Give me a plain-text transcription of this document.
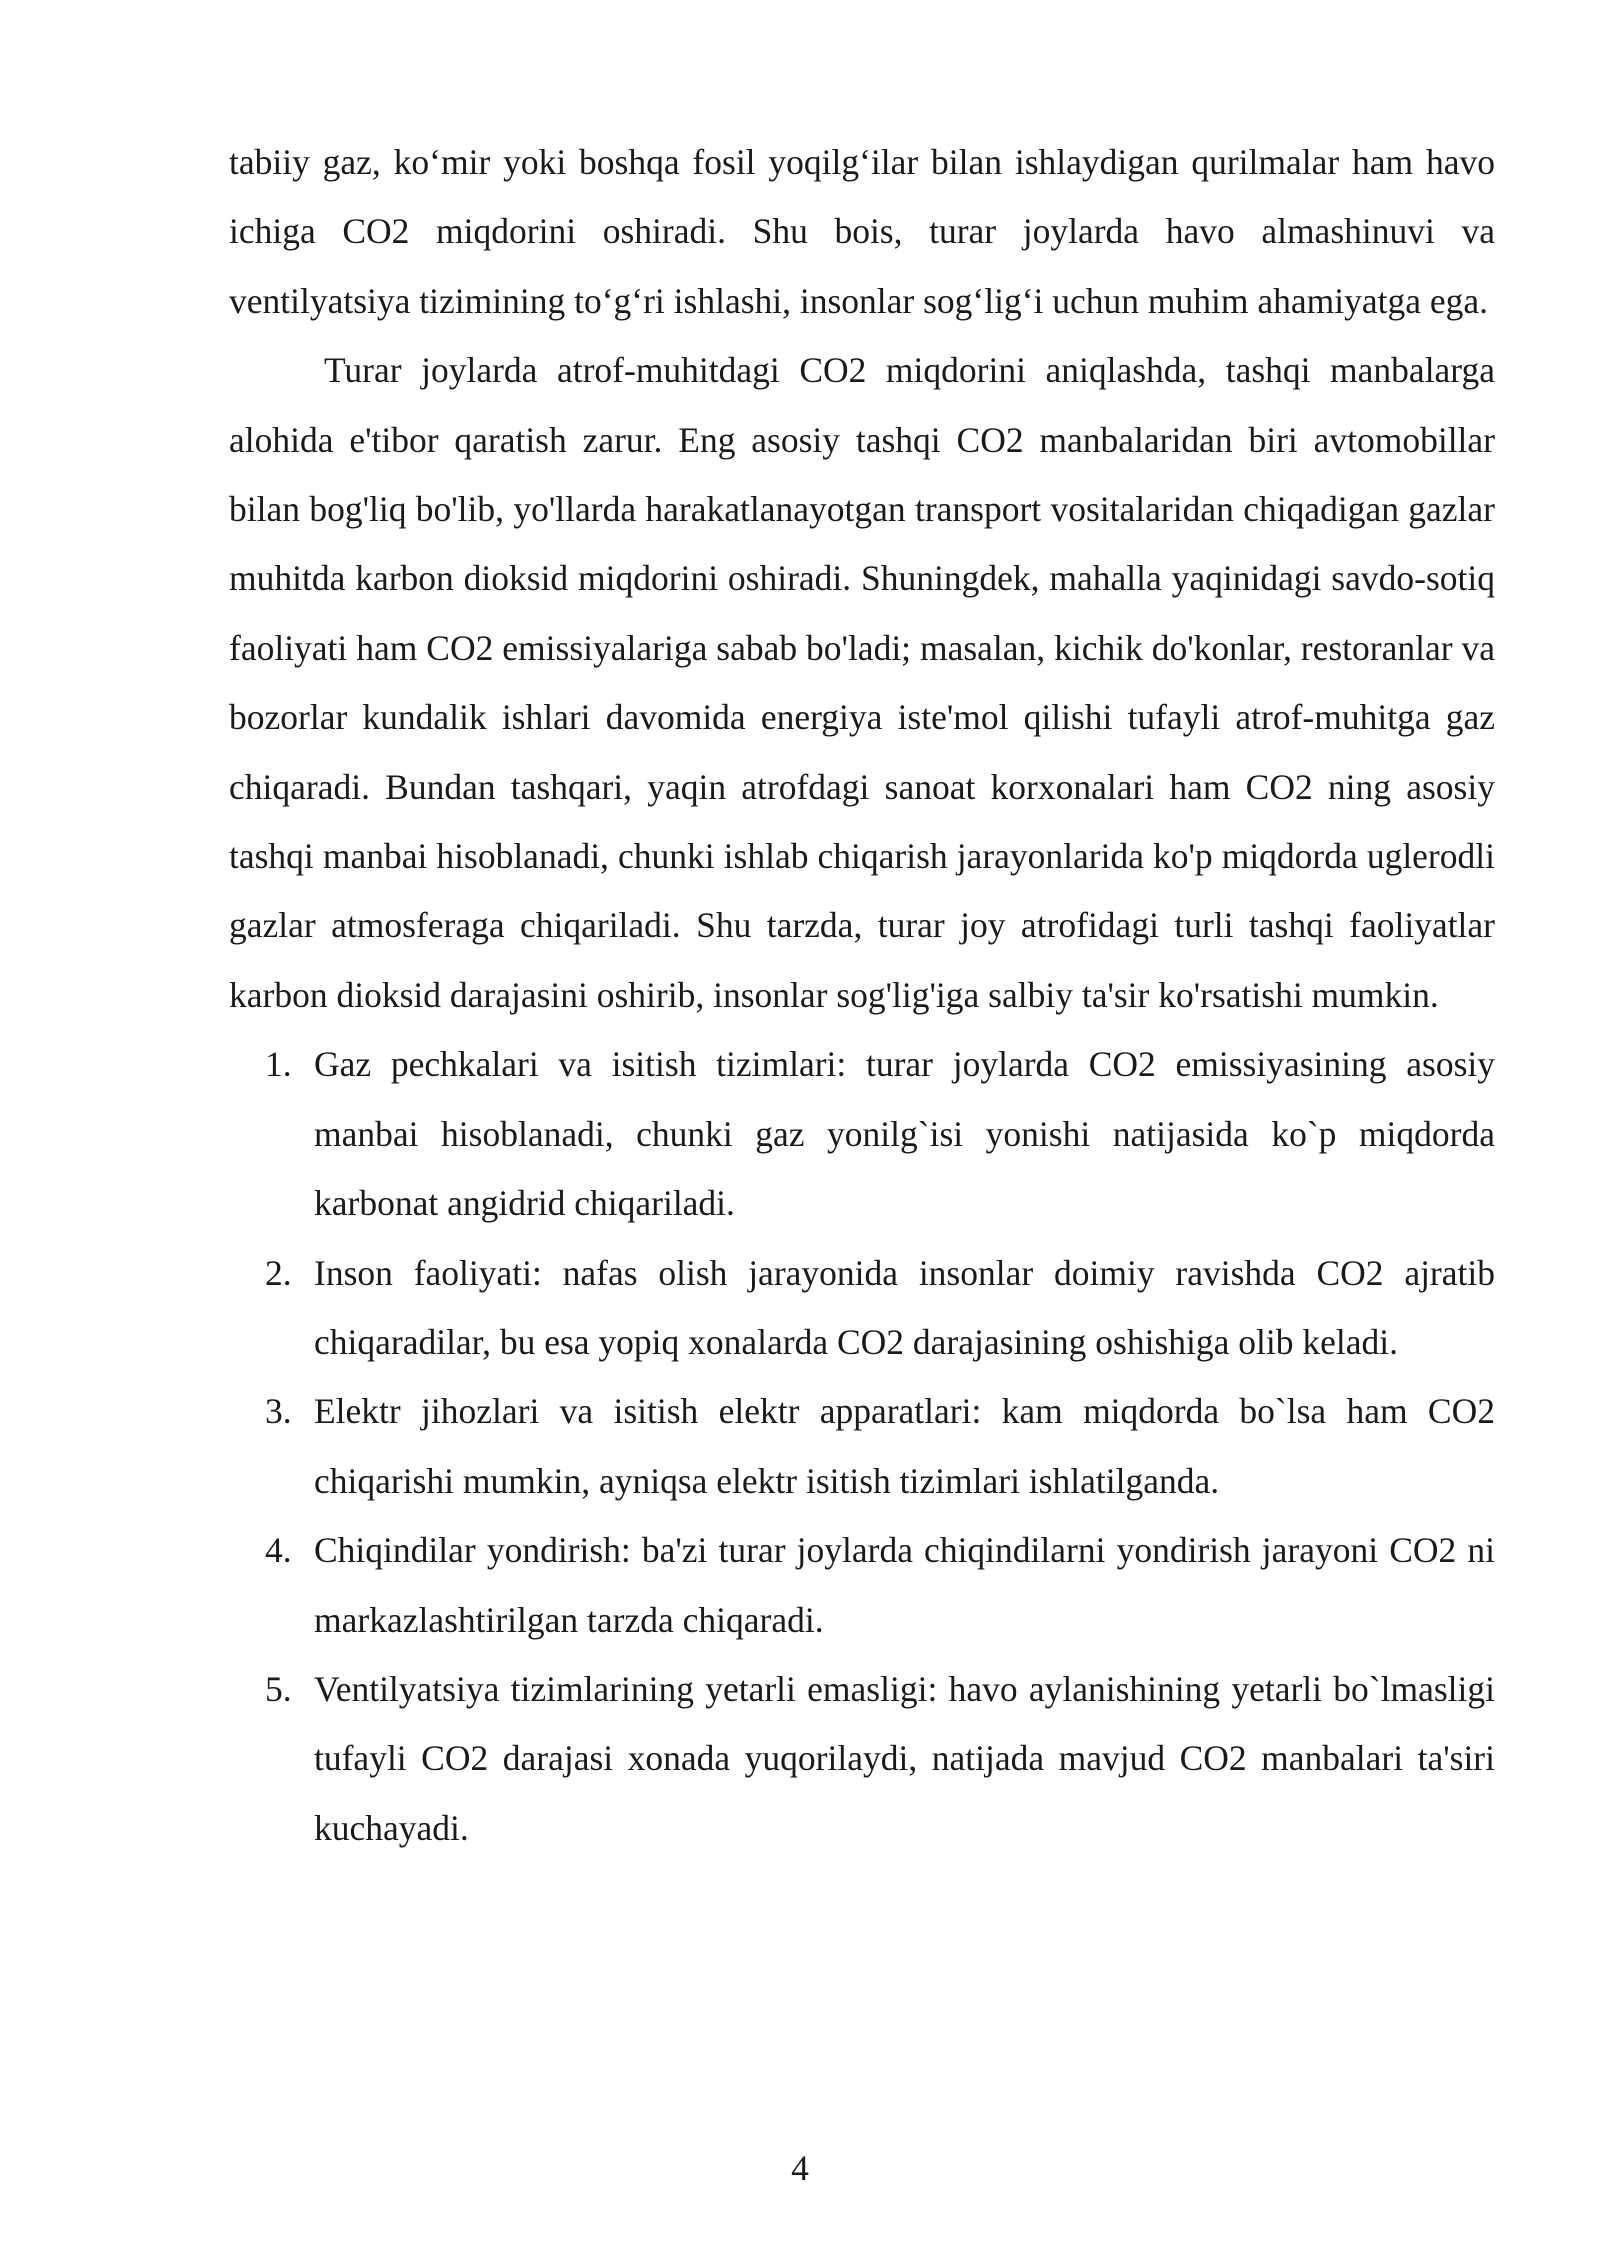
tabiiy gaz, ko‘mir yoki boshqa fosil yoqilg‘ilar bilan ishlaydigan qurilmalar ham havo ichiga CO2 miqdorini oshiradi. Shu bois, turar joylarda havo almashinuvi va ventilyatsiya tizimining to‘g‘ri ishlashi, insonlar sog‘lig‘i uchun muhim ahamiyatga ega.

Turar joylarda atrof-muhitdagi CO2 miqdorini aniqlashda, tashqi manbalarga alohida e'tibor qaratish zarur. Eng asosiy tashqi CO2 manbalaridan biri avtomobillar bilan bog'liq bo'lib, yo'llarda harakatlanayotgan transport vositalaridan chiqadigan gazlar muhitda karbon dioksid miqdorini oshiradi. Shuningdek, mahalla yaqinidagi savdo-sotiq faoliyati ham CO2 emissiyalariga sabab bo'ladi; masalan, kichik do'konlar, restoranlar va bozorlar kundalik ishlari davomida energiya iste'mol qilishi tufayli atrof-muhitga gaz chiqaradi. Bundan tashqari, yaqin atrofdagi sanoat korxonalari ham CO2 ning asosiy tashqi manbai hisoblanadi, chunki ishlab chiqarish jarayonlarida ko'p miqdorda uglerodli gazlar atmosferaga chiqariladi. Shu tarzda, turar joy atrofidagi turli tashqi faoliyatlar karbon dioksid darajasini oshirib, insonlar sog'lig'iga salbiy ta'sir ko'rsatishi mumkin.

1. Gaz pechkalari va isitish tizimlari: turar joylarda CO2 emissiyasining asosiy manbai hisoblanadi, chunki gaz yonilg`isi yonishi natijasida ko`p miqdorda karbonat angidrid chiqariladi.
2. Inson faoliyati: nafas olish jarayonida insonlar doimiy ravishda CO2 ajratib chiqaradilar, bu esa yopiq xonalarda CO2 darajasining oshishiga olib keladi.
3. Elektr jihozlari va isitish elektr apparatlari: kam miqdorda bo`lsa ham CO2 chiqarishi mumkin, ayniqsa elektr isitish tizimlari ishlatilganda.
4. Chiqindilar yondirish: ba'zi turar joylarda chiqindilarni yondirish jarayoni CO2 ni markazlashtirilgan tarzda chiqaradi.
5. Ventilyatsiya tizimlarining yetarli emasligi: havo aylanishining yetarli bo`lmasligi tufayli CO2 darajasi xonada yuqorilaydi, natijada mavjud CO2 manbalari ta'siri kuchayadi.
4
